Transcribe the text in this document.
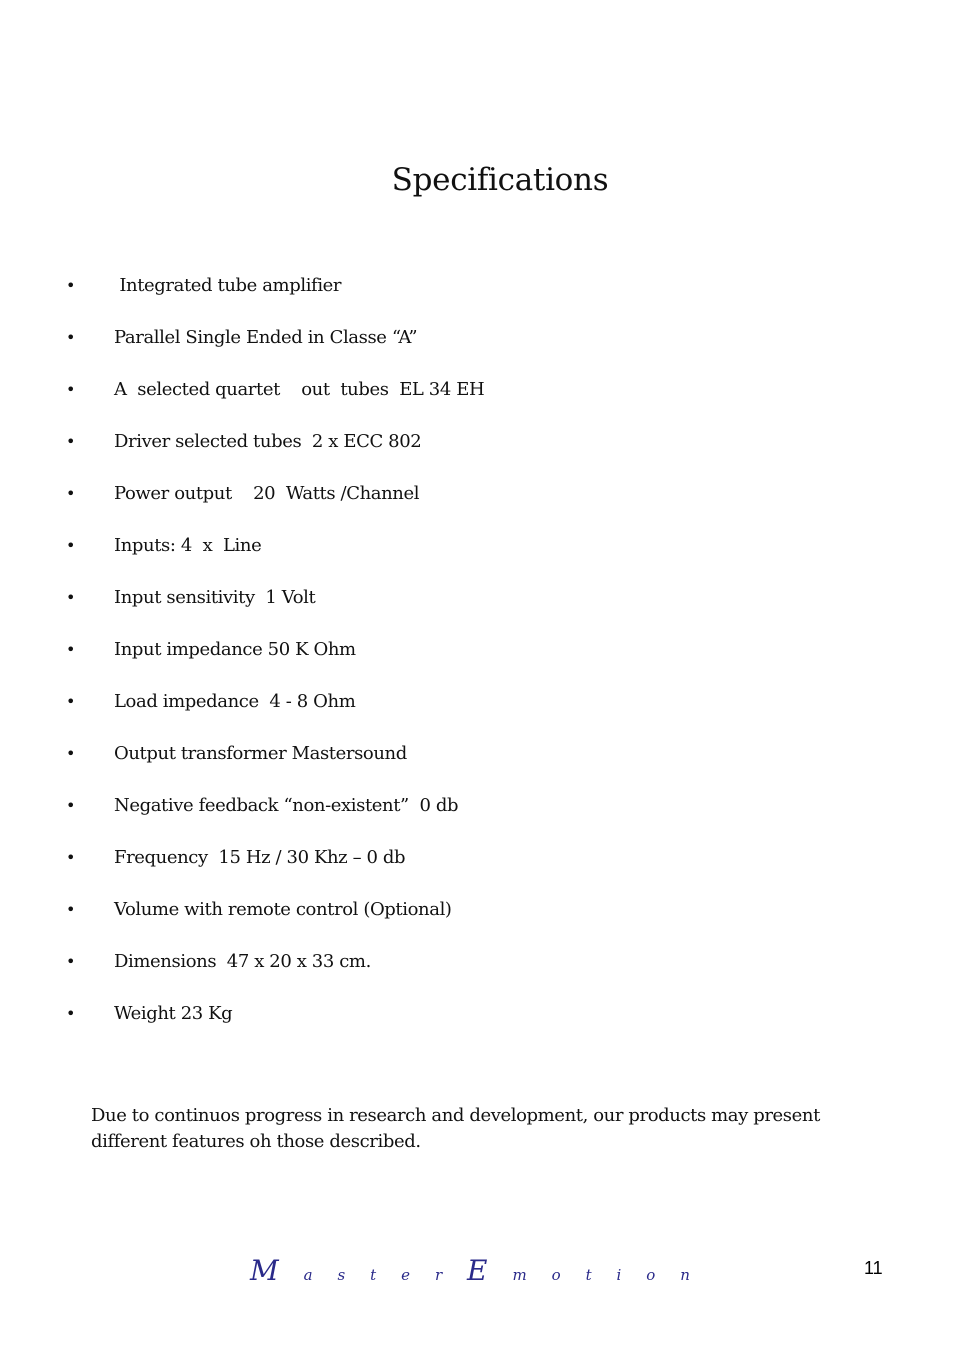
Specifications
• Integrated tube amplifier
• Parallel Single Ended in Classe “A”
• A  selected quartet    out  tubes  EL 34 EH
• Driver selected tubes  2 x ECC 802
• Power output    20  Watts /Channel
• Inputs: 4  x  Line
• Input sensitivity  1 Volt
• Input impedance 50 K Ohm
• Load impedance  4 - 8 Ohm
• Output transformer Mastersound
• Negative feedback “non-existent”  0 db
• Frequency  15 Hz / 30 Khz – 0 db
• Volume with remote control (Optional)
• Dimensions  47 x 20 x 33 cm.
• Weight 23 Kg

Due to continuos progress in research and development, our products may present different features oh those described.

M a s t e r E m o t i o n	11
